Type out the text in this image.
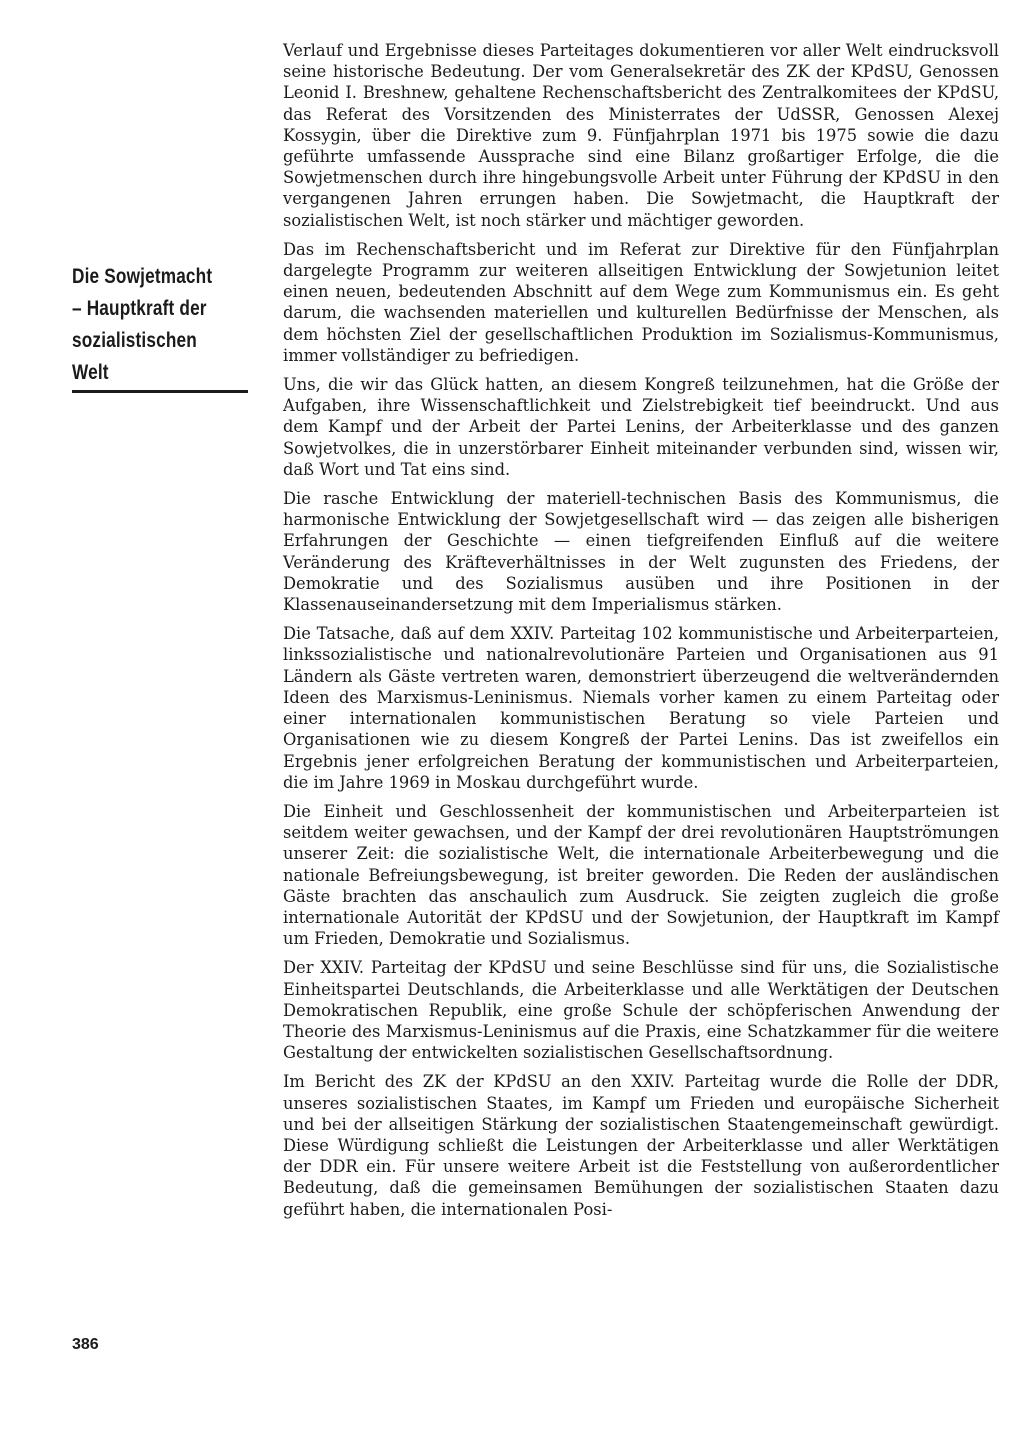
Die Sowjetmacht
– Hauptkraft der
sozialistischen
Welt

Verlauf und Ergebnisse dieses Parteitages dokumentieren vor aller Welt eindrucksvoll seine historische Bedeutung. Der vom Generalsekretär des ZK der KPdSU, Genossen Leonid I. Breshnew, gehaltene Rechenschaftsbericht des Zentralkomitees der KPdSU, das Referat des Vorsitzenden des Ministerrates der UdSSR, Genossen Alexej Kossygin, über die Direktive zum 9. Fünfjahrplan 1971 bis 1975 sowie die dazu geführte umfassende Aussprache sind eine Bilanz großartiger Erfolge, die die Sowjetmenschen durch ihre hingebungsvolle Arbeit unter Führung der KPdSU in den vergangenen Jahren errungen haben. Die Sowjetmacht, die Hauptkraft der sozialistischen Welt, ist noch stärker und mächtiger geworden.

Das im Rechenschaftsbericht und im Referat zur Direktive für den Fünfjahrplan dargelegte Programm zur weiteren allseitigen Entwicklung der Sowjetunion leitet einen neuen, bedeutenden Abschnitt auf dem Wege zum Kommunismus ein. Es geht darum, die wachsenden materiellen und kulturellen Bedürfnisse der Menschen, als dem höchsten Ziel der gesellschaftlichen Produktion im Sozialismus-Kommunismus, immer vollständiger zu befriedigen.

Uns, die wir das Glück hatten, an diesem Kongreß teilzunehmen, hat die Größe der Aufgaben, ihre Wissenschaftlichkeit und Zielstrebigkeit tief beeindruckt. Und aus dem Kampf und der Arbeit der Partei Lenins, der Arbeiterklasse und des ganzen Sowjetvolkes, die in unzerstörbarer Einheit miteinander verbunden sind, wissen wir, daß Wort und Tat eins sind.

Die rasche Entwicklung der materiell-technischen Basis des Kommunismus, die harmonische Entwicklung der Sowjetgesellschaft wird — das zeigen alle bisherigen Erfahrungen der Geschichte — einen tiefgreifenden Einfluß auf die weitere Veränderung des Kräfteverhältnisses in der Welt zugunsten des Friedens, der Demokratie und des Sozialismus ausüben und ihre Positionen in der Klassenauseinandersetzung mit dem Imperialismus stärken.

Die Tatsache, daß auf dem XXIV. Parteitag 102 kommunistische und Arbeiterparteien, linkssozialistische und nationalrevolutionäre Parteien und Organisationen aus 91 Ländern als Gäste vertreten waren, demonstriert überzeugend die weltverändernden Ideen des Marxismus-Leninismus. Niemals vorher kamen zu einem Parteitag oder einer internationalen kommunistischen Beratung so viele Parteien und Organisationen wie zu diesem Kongreß der Partei Lenins. Das ist zweifellos ein Ergebnis jener erfolgreichen Beratung der kommunistischen und Arbeiterparteien, die im Jahre 1969 in Moskau durchgeführt wurde.

Die Einheit und Geschlossenheit der kommunistischen und Arbeiterparteien ist seitdem weiter gewachsen, und der Kampf der drei revolutionären Hauptströmungen unserer Zeit: die sozialistische Welt, die internationale Arbeiterbewegung und die nationale Befreiungsbewegung, ist breiter geworden. Die Reden der ausländischen Gäste brachten das anschaulich zum Ausdruck. Sie zeigten zugleich die große internationale Autorität der KPdSU und der Sowjetunion, der Hauptkraft im Kampf um Frieden, Demokratie und Sozialismus.

Der XXIV. Parteitag der KPdSU und seine Beschlüsse sind für uns, die Sozialistische Einheitspartei Deutschlands, die Arbeiterklasse und alle Werktätigen der Deutschen Demokratischen Republik, eine große Schule der schöpferischen Anwendung der Theorie des Marxismus-Leninismus auf die Praxis, eine Schatzkammer für die weitere Gestaltung der entwickelten sozialistischen Gesellschaftsordnung.

Im Bericht des ZK der KPdSU an den XXIV. Parteitag wurde die Rolle der DDR, unseres sozialistischen Staates, im Kampf um Frieden und europäische Sicherheit und bei der allseitigen Stärkung der sozialistischen Staatengemeinschaft gewürdigt. Diese Würdigung schließt die Leistungen der Arbeiterklasse und aller Werktätigen der DDR ein. Für unsere weitere Arbeit ist die Feststellung von außerordentlicher Bedeutung, daß die gemeinsamen Bemühungen der sozialistischen Staaten dazu geführt haben, die internationalen Posi-

386
